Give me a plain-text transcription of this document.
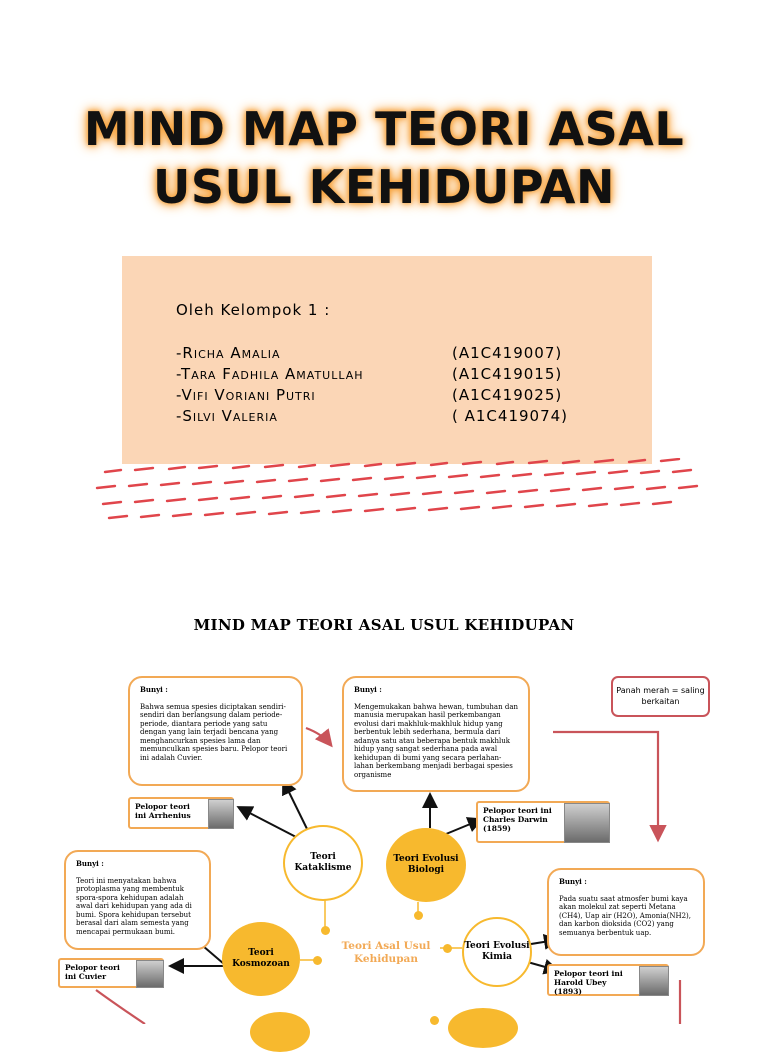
MIND MAP TEORI ASAL
USUL KEHIDUPAN
Oleh Kelompok 1 :
-Richa Amalia	(A1C419007)
-Tara Fadhila Amatullah	(A1C419015)
-Vifi Voriani Putri	(A1C419025)
-Silvi Valeria	( A1C419074)
MIND MAP TEORI ASAL USUL KEHIDUPAN
Bunyi :
Bahwa semua spesies diciptakan sendiri-sendiri dan berlangsung dalam periode-periode, diantara periode yang satu dengan yang lain terjadi bencana yang menghancurkan spesies lama dan memunculkan spesies baru. Pelopor teori ini adalah Cuvier.
Bunyi :
Mengemukakan bahwa hewan, tumbuhan dan manusia merupakan hasil perkembangan evolusi dari makhluk-makhluk hidup yang berbentuk lebih sederhana, bermula dari adanya satu atau beberapa bentuk makhluk hidup yang sangat sederhana pada awal kehidupan di bumi yang secara perlahan-lahan berkembang menjadi berbagai spesies organisme
Bunyi :
Teori ini menyatakan bahwa protoplasma yang membentuk spora-spora kehidupan adalah awal dari kehidupan yang ada di bumi. Spora kehidupan tersebut berasal dari alam semesta yang mencapai permukaan bumi.
Bunyi :
Pada suatu saat atmosfer bumi kaya akan molekul zat seperti Metana (CH4), Uap air (H2O), Amonia(NH2), dan karbon dioksida (CO2) yang semuanya berbentuk uap.
Pelopor teori ini Arrhenius
Pelopor teori ini Charles Darwin (1859)
Pelopor teori ini Cuvier	Pelopor teori ini Harold Ubey (1893)
Teori Kataklisme
Teori Evolusi Biologi
Teori Evolusi Kimia
Teori Kosmozoan
Teori Asal Usul Kehidupan
Panah merah = saling berkaitan
